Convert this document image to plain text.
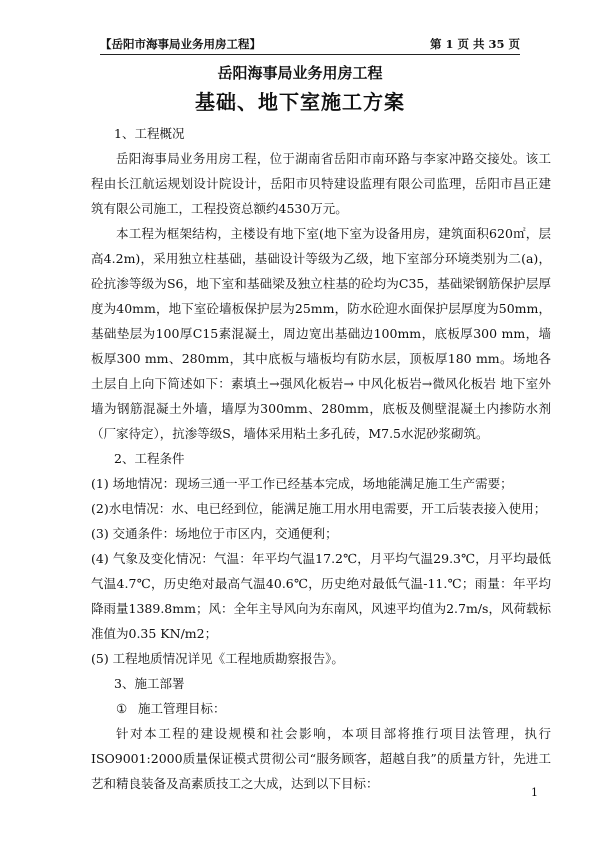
【岳阳市海事局业务用房工程】	第 1 页 共 35 页
岳阳海事局业务用房工程
基础、地下室施工方案

1、工程概况

岳阳海事局业务用房工程，位于湖南省岳阳市南环路与李家冲路交接处。该工程由长江航运规划设计院设计，岳阳市贝特建设监理有限公司监理，岳阳市昌正建筑有限公司施工，工程投资总额约4530万元。

本工程为框架结构，主楼设有地下室(地下室为设备用房，建筑面积620㎡，层高4.2m)，采用独立柱基础，基础设计等级为乙级，地下室部分环境类别为二(a)，砼抗渗等级为S6，地下室和基础梁及独立柱基的砼均为C35，基础梁钢筋保护层厚度为40mm，地下室砼墙板保护层为25mm，防水砼迎水面保护层厚度为50mm，基础垫层为100厚C15素混凝土，周边宽出基础边100mm，底板厚300 mm，墙板厚300 mm、280mm，其中底板与墙板均有防水层，顶板厚180 mm。场地各土层自上向下简述如下：素填土→强风化板岩→ 中风化板岩→微风化板岩 地下室外墙为钢筋混凝土外墙，墙厚为300mm、280mm，底板及侧壁混凝土内掺防水剂（厂家待定），抗渗等级S，墙体采用粘土多孔砖，M7.5水泥砂浆砌筑。

2、工程条件

(1) 场地情况：现场三通一平工作已经基本完成，场地能满足施工生产需要；

(2)水电情况：水、电已经到位，能满足施工用水用电需要，开工后装表接入使用；

(3) 交通条件：场地位于市区内，交通便利；

(4) 气象及变化情况：气温：年平均气温17.2℃，月平均气温29.3℃，月平均最低气温4.7℃，历史绝对最高气温40.6℃，历史绝对最低气温-11.℃；雨量：年平均降雨量1389.8mm；风：全年主导风向为东南风，风速平均值为2.7m/s，风荷载标准值为0.35 KN/m2；

(5) 工程地质情况详见《工程地质勘察报告》。

3、施工部署

① 施工管理目标：

针对本工程的建设规模和社会影响，本项目部将推行项目法管理，执行ISO9001:2000质量保证模式贯彻公司“服务顾客，超越自我”的质量方针，先进工艺和精良装备及高素质技工之大成，达到以下目标：

1
